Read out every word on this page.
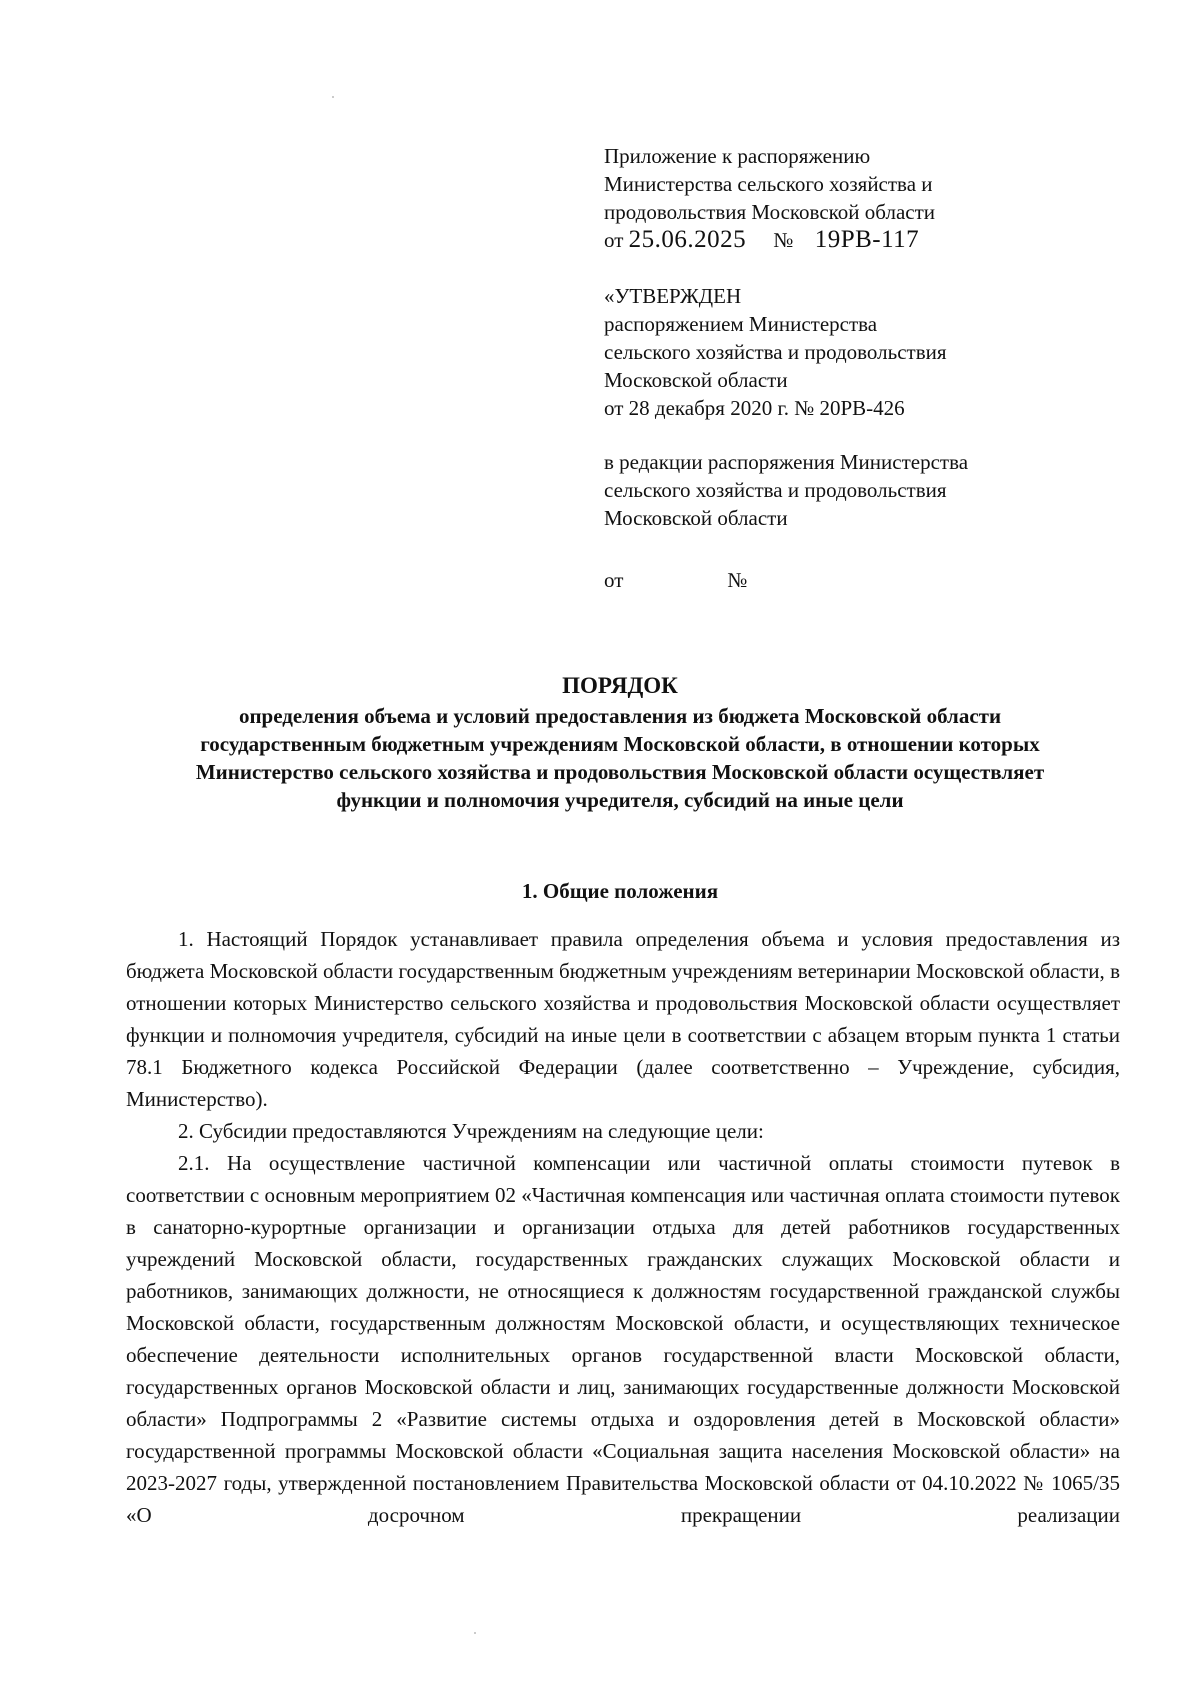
Приложение к распоряжению
Министерства сельского хозяйства и
продовольствия Московской области
от 25.06.2025 № 19РВ-117
«УТВЕРЖДЕН
распоряжением Министерства
сельского хозяйства и продовольствия
Московской области
от 28 декабря 2020 г. № 20РВ-426
в редакции распоряжения Министерства
сельского хозяйства и продовольствия
Московской области
от	№
ПОРЯДОК
определения объема и условий предоставления из бюджета Московской области
государственным бюджетным учреждениям Московской области, в отношении которых
Министерство сельского хозяйства и продовольствия Московской области осуществляет
функции и полномочия учредителя, субсидий на иные цели
1. Общие положения

1. Настоящий Порядок устанавливает правила определения объема и условия предоставления из бюджета Московской области государственным бюджетным учреждениям ветеринарии Московской области, в отношении которых Министерство сельского хозяйства и продовольствия Московской области осуществляет функции и полномочия учредителя, субсидий на иные цели в соответствии с абзацем вторым пункта 1 статьи 78.1 Бюджетного кодекса Российской Федерации (далее соответственно – Учреждение, субсидия, Министерство).

2. Субсидии предоставляются Учреждениям на следующие цели:

2.1. На осуществление частичной компенсации или частичной оплаты стоимости путевок в соответствии с основным мероприятием 02 «Частичная компенсация или частичная оплата стоимости путевок в санаторно-курортные организации и организации отдыха для детей работников государственных учреждений Московской области, государственных гражданских служащих Московской области и работников, занимающих должности, не относящиеся к должностям государственной гражданской службы Московской области, государственным должностям Московской области, и осуществляющих техническое обеспечение деятельности исполнительных органов государственной власти Московской области, государственных органов Московской области и лиц, занимающих государственные должности Московской области» Подпрограммы 2 «Развитие системы отдыха и оздоровления детей в Московской области» государственной программы Московской области «Социальная защита населения Московской области» на 2023-2027 годы, утвержденной постановлением Правительства Московской области от 04.10.2022 № 1065/35 «О досрочном прекращении реализации
